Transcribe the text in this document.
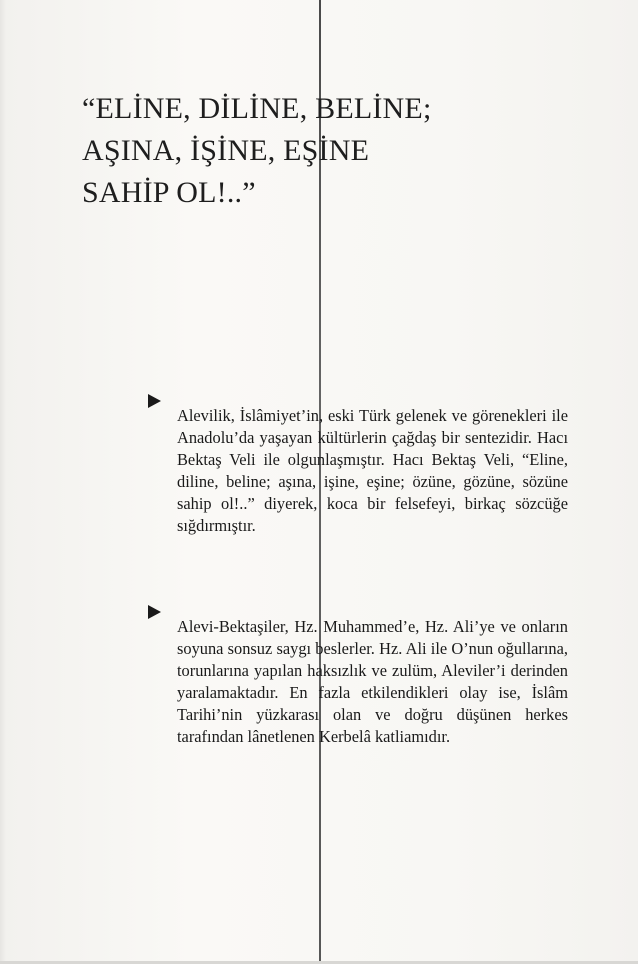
“ELİNE, DİLİNE, BELİNE;
AŞINA, İŞİNE, EŞİNE
SAHİP OL!..”

Alevilik, İslâmiyet’in, eski Türk gelenek ve görenekleri ile Anadolu’da yaşayan kültürlerin çağdaş bir sentezidir. Hacı Bektaş Veli ile olgunlaşmıştır. Hacı Bektaş Veli, “Eline, diline, beline; aşına, işine, eşine; özüne, gözüne, sözüne sahip ol!..” diyerek, koca bir felsefeyi, birkaç sözcüğe sığdırmıştır.

Alevi-Bektaşiler, Hz. Muhammed’e, Hz. Ali’ye ve onların soyuna sonsuz saygı beslerler. Hz. Ali ile O’nun oğullarına, torunlarına yapılan haksızlık ve zulüm, Aleviler’i derinden yaralamaktadır. En fazla etkilendikleri olay ise, İslâm Tarihi’nin yüzkarası olan ve doğru düşünen herkes tarafından lânetlenen Kerbelâ katliamıdır.
